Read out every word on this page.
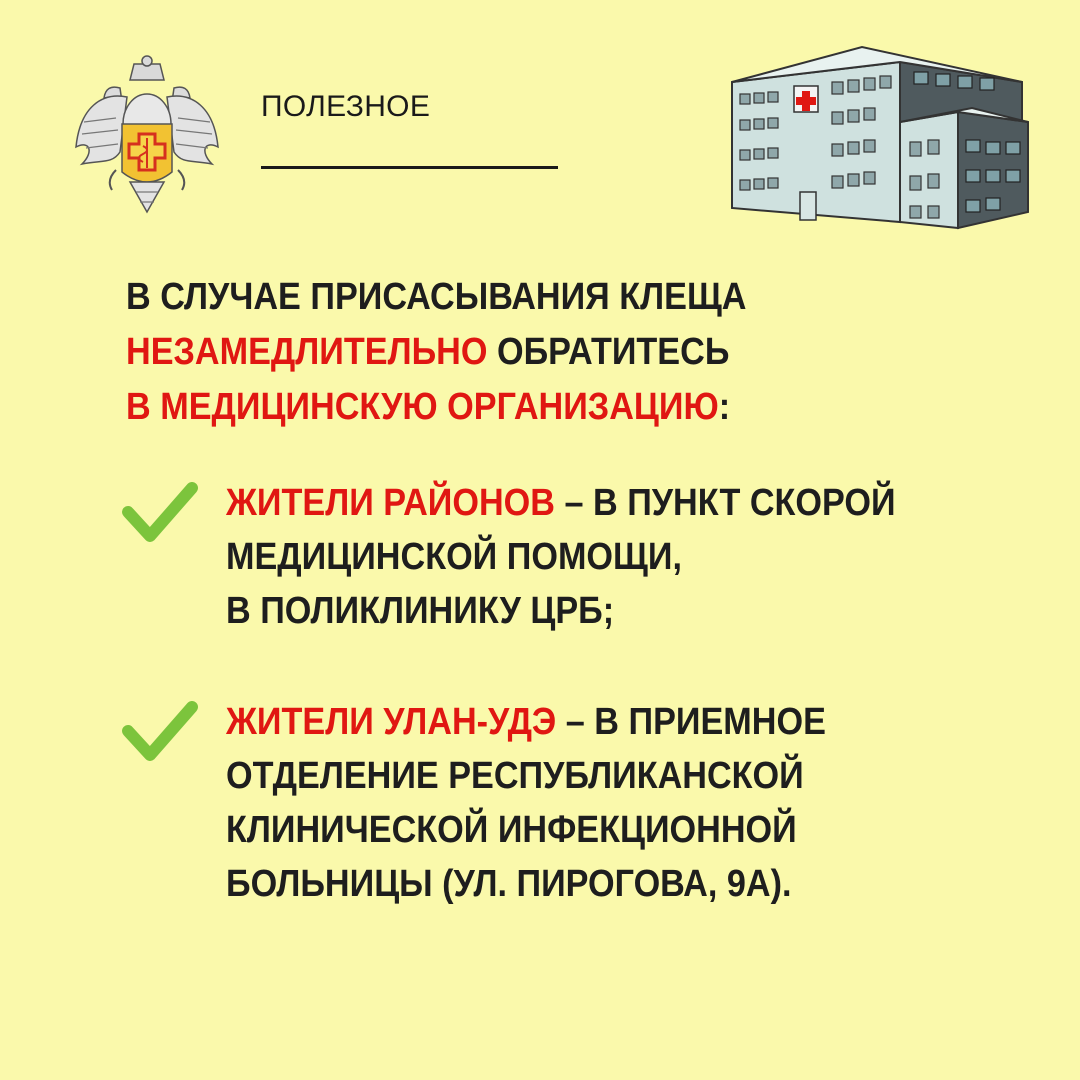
ПОЛЕЗНОЕ
В СЛУЧАЕ ПРИСАСЫВАНИЯ КЛЕЩА
НЕЗАМЕДЛИТЕЛЬНО ОБРАТИТЕСЬ
В МЕДИЦИНСКУЮ ОРГАНИЗАЦИЮ:
ЖИТЕЛИ РАЙОНОВ – В ПУНКТ СКОРОЙ
МЕДИЦИНСКОЙ ПОМОЩИ,
В ПОЛИКЛИНИКУ ЦРБ;
ЖИТЕЛИ УЛАН-УДЭ – В ПРИЕМНОЕ
ОТДЕЛЕНИЕ РЕСПУБЛИКАНСКОЙ
КЛИНИЧЕСКОЙ ИНФЕКЦИОННОЙ
БОЛЬНИЦЫ (УЛ. ПИРОГОВА, 9А).
